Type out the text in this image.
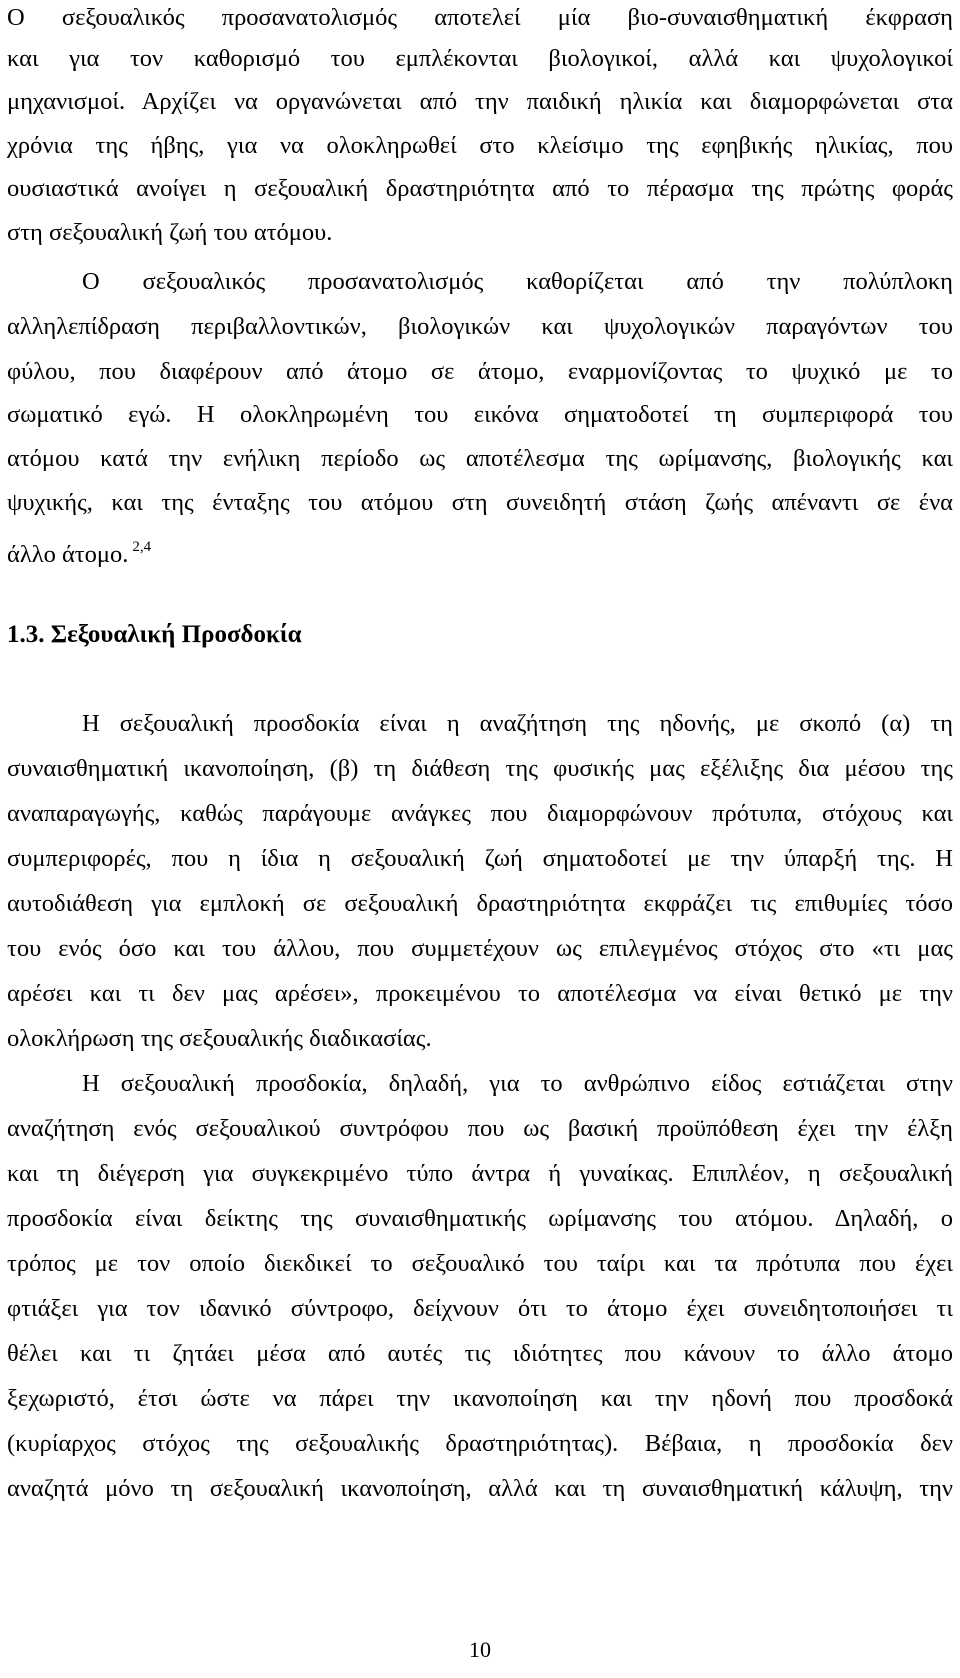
Ο σεξουαλικός προσανατολισμός αποτελεί μία βιο-συναισθηματική έκφραση
και για τον καθορισμό του εμπλέκονται βιολογικοί, αλλά και ψυχολογικοί
μηχανισμοί. Αρχίζει να οργανώνεται από την παιδική ηλικία και διαμορφώνεται στα
χρόνια της ήβης, για να ολοκληρωθεί στο κλείσιμο της εφηβικής ηλικίας, που
ουσιαστικά ανοίγει η σεξουαλική δραστηριότητα από το πέρασμα της πρώτης φοράς
στη σεξουαλική ζωή του ατόμου.
Ο σεξουαλικός προσανατολισμός καθορίζεται από την πολύπλοκη
αλληλεπίδραση περιβαλλοντικών, βιολογικών και ψυχολογικών παραγόντων του
φύλου, που διαφέρουν από άτομο σε άτομο, εναρμονίζοντας το ψυχικό με το
σωματικό εγώ. Η ολοκληρωμένη του εικόνα σηματοδοτεί τη συμπεριφορά του
ατόμου κατά την ενήλικη περίοδο ως αποτέλεσμα της ωρίμανσης, βιολογικής και
ψυχικής, και της ένταξης του ατόμου στη συνειδητή στάση ζωής απέναντι σε ένα
άλλο άτομο. $^{2,4}$
1.3. Σεξουαλική Προσδοκία
Η σεξουαλική προσδοκία είναι η αναζήτηση της ηδονής, με σκοπό (α) τη
συναισθηματική ικανοποίηση, (β) τη διάθεση της φυσικής μας εξέλιξης δια μέσου της
αναπαραγωγής, καθώς παράγουμε ανάγκες που διαμορφώνουν πρότυπα, στόχους και
συμπεριφορές, που η ίδια η σεξουαλική ζωή σηματοδοτεί με την ύπαρξή της. Η
αυτοδιάθεση για εμπλοκή σε σεξουαλική δραστηριότητα εκφράζει τις επιθυμίες τόσο
του ενός όσο και του άλλου, που συμμετέχουν ως επιλεγμένος στόχος στο «τι μας
αρέσει και τι δεν μας αρέσει», προκειμένου το αποτέλεσμα να είναι θετικό με την
ολοκλήρωση της σεξουαλικής διαδικασίας.
Η σεξουαλική προσδοκία, δηλαδή, για το ανθρώπινο είδος εστιάζεται στην
αναζήτηση ενός σεξουαλικού συντρόφου που ως βασική προϋπόθεση έχει την έλξη
και τη διέγερση για συγκεκριμένο τύπο άντρα ή γυναίκας. Επιπλέον, η σεξουαλική
προσδοκία είναι δείκτης της συναισθηματικής ωρίμανσης του ατόμου. Δηλαδή, ο
τρόπος με τον οποίο διεκδικεί το σεξουαλικό του ταίρι και τα πρότυπα που έχει
φτιάξει για τον ιδανικό σύντροφο, δείχνουν ότι το άτομο έχει συνειδητοποιήσει τι
θέλει και τι ζητάει μέσα από αυτές τις ιδιότητες που κάνουν το άλλο άτομο
ξεχωριστό, έτσι ώστε να πάρει την ικανοποίηση και την ηδονή που προσδοκά
(κυρίαρχος στόχος της σεξουαλικής δραστηριότητας). Βέβαια, η προσδοκία δεν
αναζητά μόνο τη σεξουαλική ικανοποίηση, αλλά και τη συναισθηματική κάλυψη, την
10
